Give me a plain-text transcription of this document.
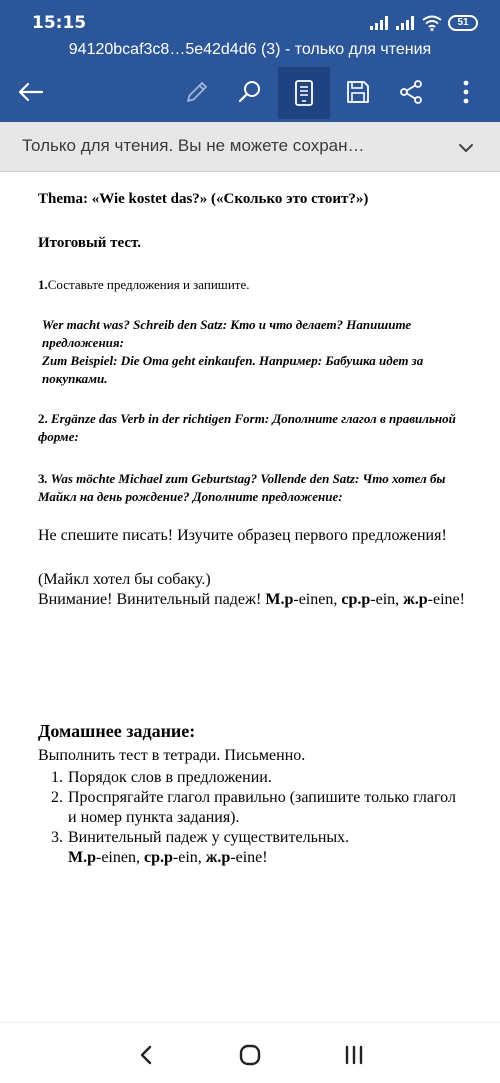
15:15	51
94120bcaf3c8…5e42d4d6 (3) - только для чтения
Только для чтения. Вы не можете сохран…
Thema: «Wie kostet das?» («Сколько это стоит?»)
Итоговый тест.
1.Составьте предложения и запишите.
Wer macht was? Schreib den Satz: Кто и что делает? Напишите предложения:
Zum Beispiel: Die Oma geht einkaufen. Например: Бабушка идет за покупками.
2. Ergänze das Verb in der richtigen Form: Дополните глагол в правильной форме:
3. Was möchte Michael zum Geburtstag? Vollende den Satz: Что хотел бы Майкл на день рождение? Дополните предложение:
Не спешите писать! Изучите образец первого предложения!
(Майкл хотел бы собаку.)
Внимание! Винительный падеж! М.р-einen, ср.р-ein, ж.р-eine!
Домашнее задание:
Выполнить тест в тетради. Письменно.
1. Порядок слов в предложении.
2. Проспрягайте глагол правильно (запишите только глагол и номер пункта задания).
3. Винительный падеж у существительных.
М.р-einen, ср.р-ein, ж.р-eine!
